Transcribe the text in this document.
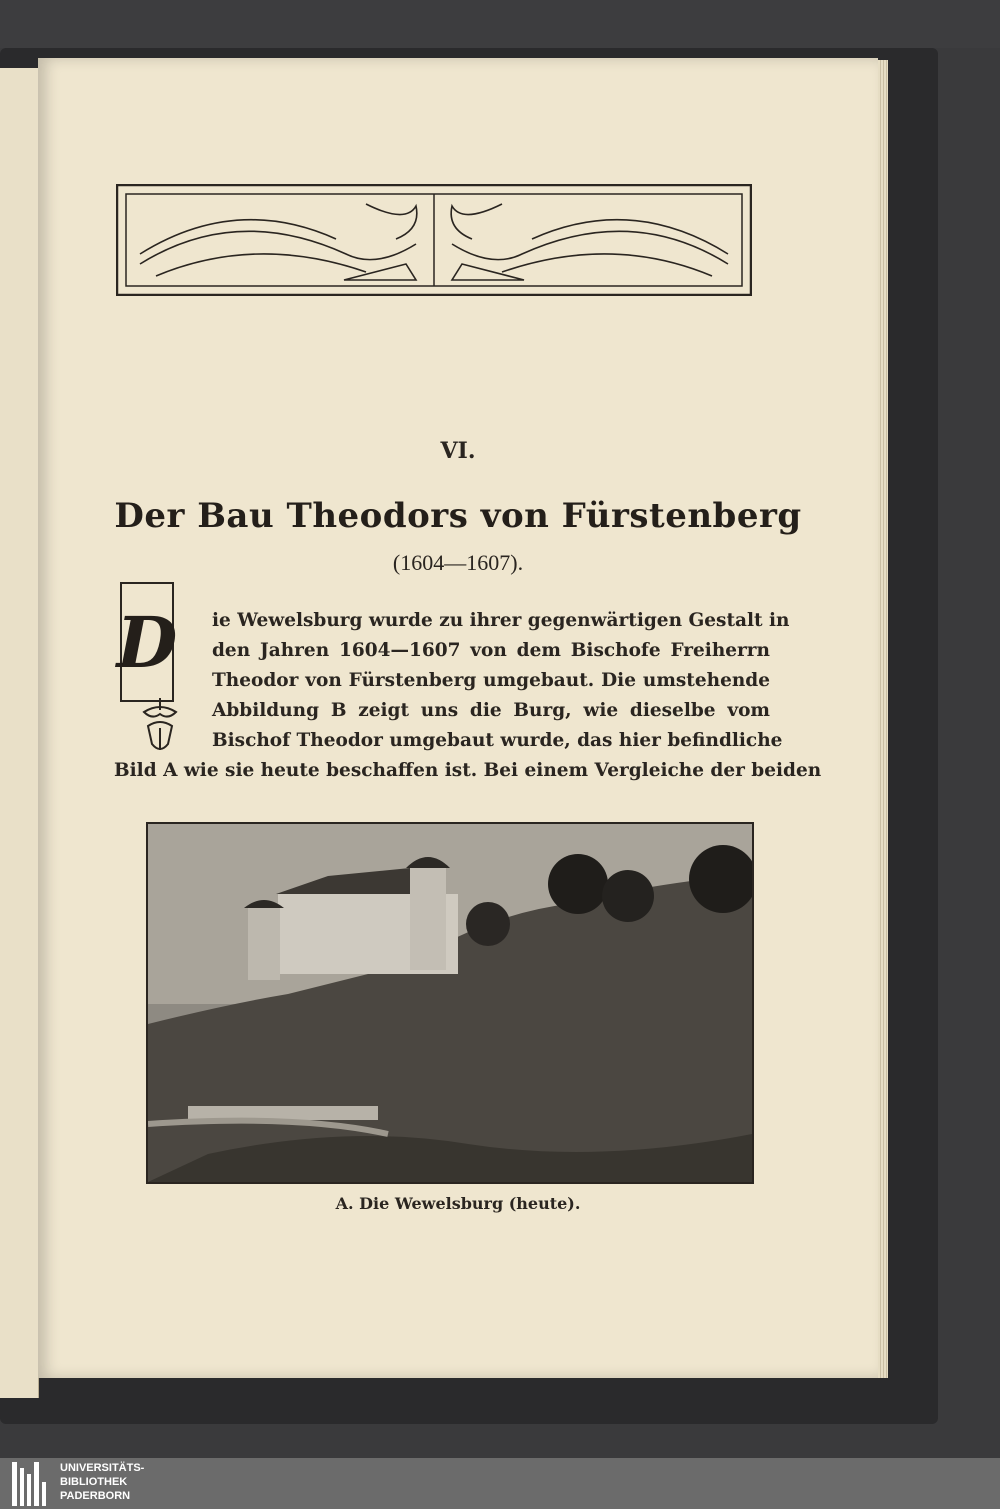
VI.
Der Bau Theodors von Fürstenberg
(1604—1607).
D	ie Wewelsburg wurde zu ihrer gegenwärtigen Gestalt in
den Jahren 1604—1607 von dem Bischofe Freiherrn
Theodor von Fürstenberg umgebaut. Die umstehende
Abbildung B zeigt uns die Burg, wie dieselbe vom
Bischof Theodor umgebaut wurde, das hier befindliche
Bild A wie sie heute beschaffen ist. Bei einem Vergleiche der beiden
A. Die Wewelsburg (heute).
UNIVERSITÄTS-
BIBLIOTHEK
PADERBORN
